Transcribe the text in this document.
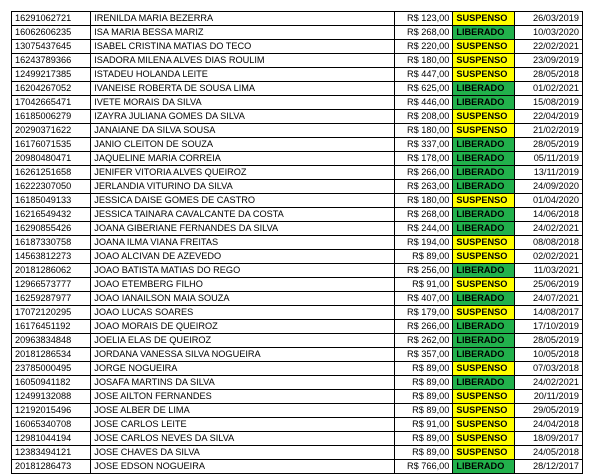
16291062721	IRENILDA MARIA BEZERRA	R$ 123,00	SUSPENSO	26/03/2019
16062606235	ISA MARIA BESSA MARIZ	R$ 268,00	LIBERADO	10/03/2020
13075437645	ISABEL CRISTINA MATIAS DO TECO	R$ 220,00	SUSPENSO	22/02/2021
16243789366	ISADORA MILENA ALVES DIAS ROULIM	R$ 180,00	SUSPENSO	23/09/2019
12499217385	ISTADEU HOLANDA LEITE	R$ 447,00	SUSPENSO	28/05/2018
16204267052	IVANEISE ROBERTA DE SOUSA LIMA	R$ 625,00	LIBERADO	01/02/2021
17042665471	IVETE MORAIS DA SILVA	R$ 446,00	LIBERADO	15/08/2019
16185006279	IZAYRA JULIANA GOMES DA SILVA	R$ 208,00	SUSPENSO	22/04/2019
20290371622	JANAIANE DA SILVA SOUSA	R$ 180,00	SUSPENSO	21/02/2019
16176071535	JANIO CLEITON DE SOUZA	R$ 337,00	LIBERADO	28/05/2019
20980480471	JAQUELINE MARIA CORREIA	R$ 178,00	LIBERADO	05/11/2019
16261251658	JENIFER VITORIA ALVES QUEIROZ	R$ 266,00	LIBERADO	13/11/2019
16222307050	JERLANDIA VITURINO DA SILVA	R$ 263,00	LIBERADO	24/09/2020
16185049133	JESSICA DAISE GOMES DE CASTRO	R$ 180,00	SUSPENSO	01/04/2020
16216549432	JESSICA TAINARA CAVALCANTE DA COSTA	R$ 268,00	LIBERADO	14/06/2018
16290855426	JOANA GIBERIANE FERNANDES DA SILVA	R$ 244,00	LIBERADO	24/02/2021
16187330758	JOANA ILMA VIANA FREITAS	R$ 194,00	SUSPENSO	08/08/2018
14563812273	JOAO ALCIVAN DE AZEVEDO	R$ 89,00	SUSPENSO	02/02/2021
20181286062	JOAO BATISTA MATIAS DO REGO	R$ 256,00	LIBERADO	11/03/2021
12966573777	JOAO ETEMBERG FILHO	R$ 91,00	SUSPENSO	25/06/2019
16259287977	JOAO IANAILSON MAIA SOUZA	R$ 407,00	LIBERADO	24/07/2021
17072120295	JOAO LUCAS SOARES	R$ 179,00	SUSPENSO	14/08/2017
16176451192	JOAO MORAIS DE QUEIROZ	R$ 266,00	LIBERADO	17/10/2019
20963834848	JOELIA ELAS DE QUEIROZ	R$ 262,00	LIBERADO	28/05/2019
20181286534	JORDANA VANESSA SILVA NOGUEIRA	R$ 357,00	LIBERADO	10/05/2018
23785000495	JORGE NOGUEIRA	R$ 89,00	SUSPENSO	07/03/2018
16050941182	JOSAFA MARTINS DA SILVA	R$ 89,00	LIBERADO	24/02/2021
12499132088	JOSE AILTON FERNANDES	R$ 89,00	SUSPENSO	20/11/2019
12192015496	JOSE ALBER DE LIMA	R$ 89,00	SUSPENSO	29/05/2019
16065340708	JOSE CARLOS LEITE	R$ 91,00	SUSPENSO	24/04/2018
12981044194	JOSE CARLOS NEVES DA SILVA	R$ 89,00	SUSPENSO	18/09/2017
12383494121	JOSE CHAVES DA SILVA	R$ 89,00	SUSPENSO	24/05/2018
20181286473	JOSE EDSON NOGUEIRA	R$ 766,00	LIBERADO	28/12/2017
